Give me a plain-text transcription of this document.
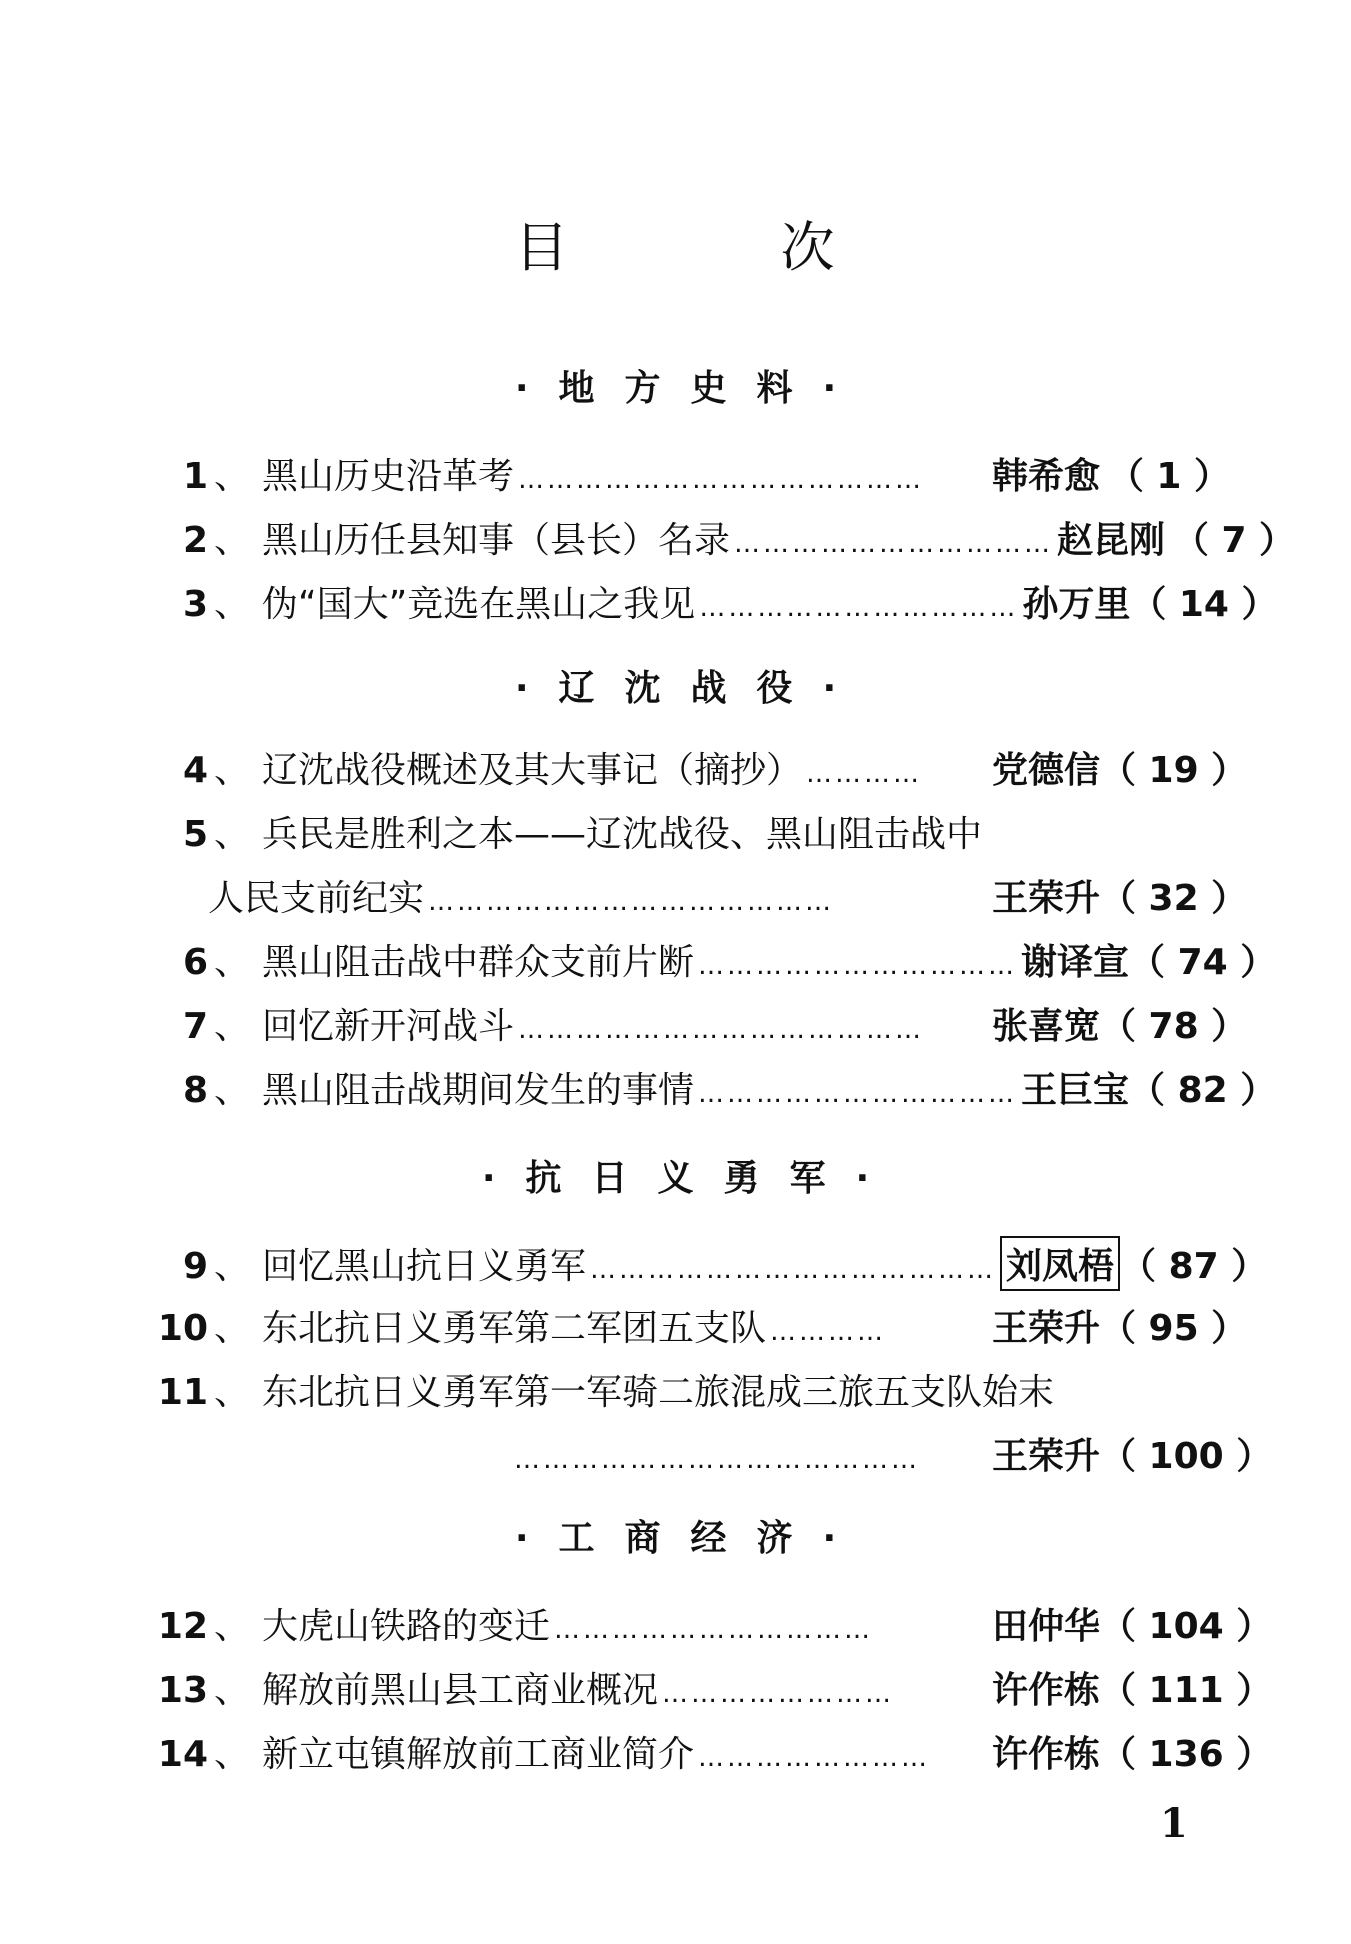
目	次
·地方史料·
1 、 黑山历史沿革考 ……………………………………	韩希愈 （ 1 ）
2 、 黑山历任县知事（县长）名录 …………………………… 赵昆刚 （ 7 ）
3 、 伪“国大”竞选在黑山之我见 …………………………… 孙万里 （ 14 ）
·辽沈战役·
4 、 辽沈战役概述及其大事记（摘抄） …………	党德信 （ 19 ）
5 、 兵民是胜利之本——辽沈战役、黑山阻击战中
人民支前纪实 ……………………………………	王荣升 （ 32 ）
6 、 黑山阻击战中群众支前片断 …………………………… 谢译宣 （ 74 ）
7 、 回忆新开河战斗 ……………………………………	张喜宽 （ 78 ）
8 、 黑山阻击战期间发生的事情 …………………………… 王巨宝 （ 82 ）
·抗日义勇军·
9 、 回忆黑山抗日义勇军 …………………………………… 刘凤梧 （ 87 ）
10 、 东北抗日义勇军第二军团五支队 …………	王荣升 （ 95 ）
11 、 东北抗日义勇军第一军骑二旅混成三旅五支队始末
……………………………………	王荣升 （ 100 ）
·工商经济·
12 、 大虎山铁路的变迁 ……………………………	田仲华 （ 104 ）
13 、 解放前黑山县工商业概况 ……………………	许作栋 （ 111 ）
14 、 新立屯镇解放前工商业简介 ……………………	许作栋 （ 136 ）
1
